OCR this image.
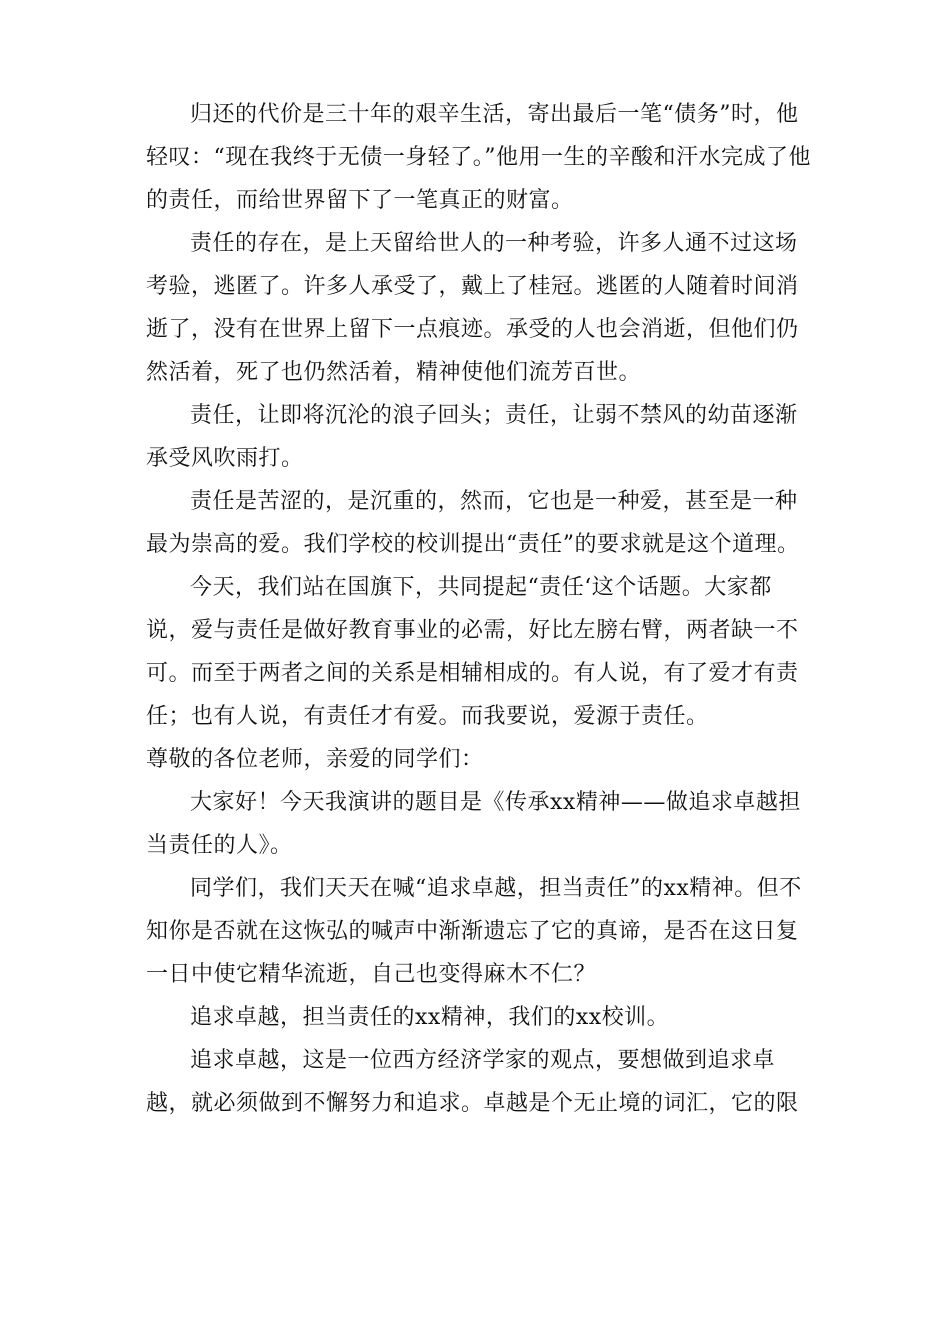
归还的代价是三十年的艰辛生活，寄出最后一笔“债务”时，他轻叹：“现在我终于无债一身轻了。”他用一生的辛酸和汗水完成了他的责任，而给世界留下了一笔真正的财富。

责任的存在，是上天留给世人的一种考验，许多人通不过这场考验，逃匿了。许多人承受了，戴上了桂冠。逃匿的人随着时间消逝了，没有在世界上留下一点痕迹。承受的人也会消逝，但他们仍然活着，死了也仍然活着，精神使他们流芳百世。

责任，让即将沉沦的浪子回头；责任，让弱不禁风的幼苗逐渐承受风吹雨打。

责任是苦涩的，是沉重的，然而，它也是一种爱，甚至是一种最为崇高的爱。我们学校的校训提出“责任”的要求就是这个道理。

今天，我们站在国旗下，共同提起“责任‘这个话题。大家都说，爱与责任是做好教育事业的必需，好比左膀右臂，两者缺一不可。而至于两者之间的关系是相辅相成的。有人说，有了爱才有责任；也有人说，有责任才有爱。而我要说，爱源于责任。

尊敬的各位老师，亲爱的同学们：

大家好！今天我演讲的题目是《传承xx精神——做追求卓越担当责任的人》。

同学们，我们天天在喊“追求卓越，担当责任”的xx精神。但不知你是否就在这恢弘的喊声中渐渐遗忘了它的真谛，是否在这日复一日中使它精华流逝，自己也变得麻木不仁？

追求卓越，担当责任的xx精神，我们的xx校训。

追求卓越，这是一位西方经济学家的观点，要想做到追求卓越，就必须做到不懈努力和追求。卓越是个无止境的词汇，它的限
